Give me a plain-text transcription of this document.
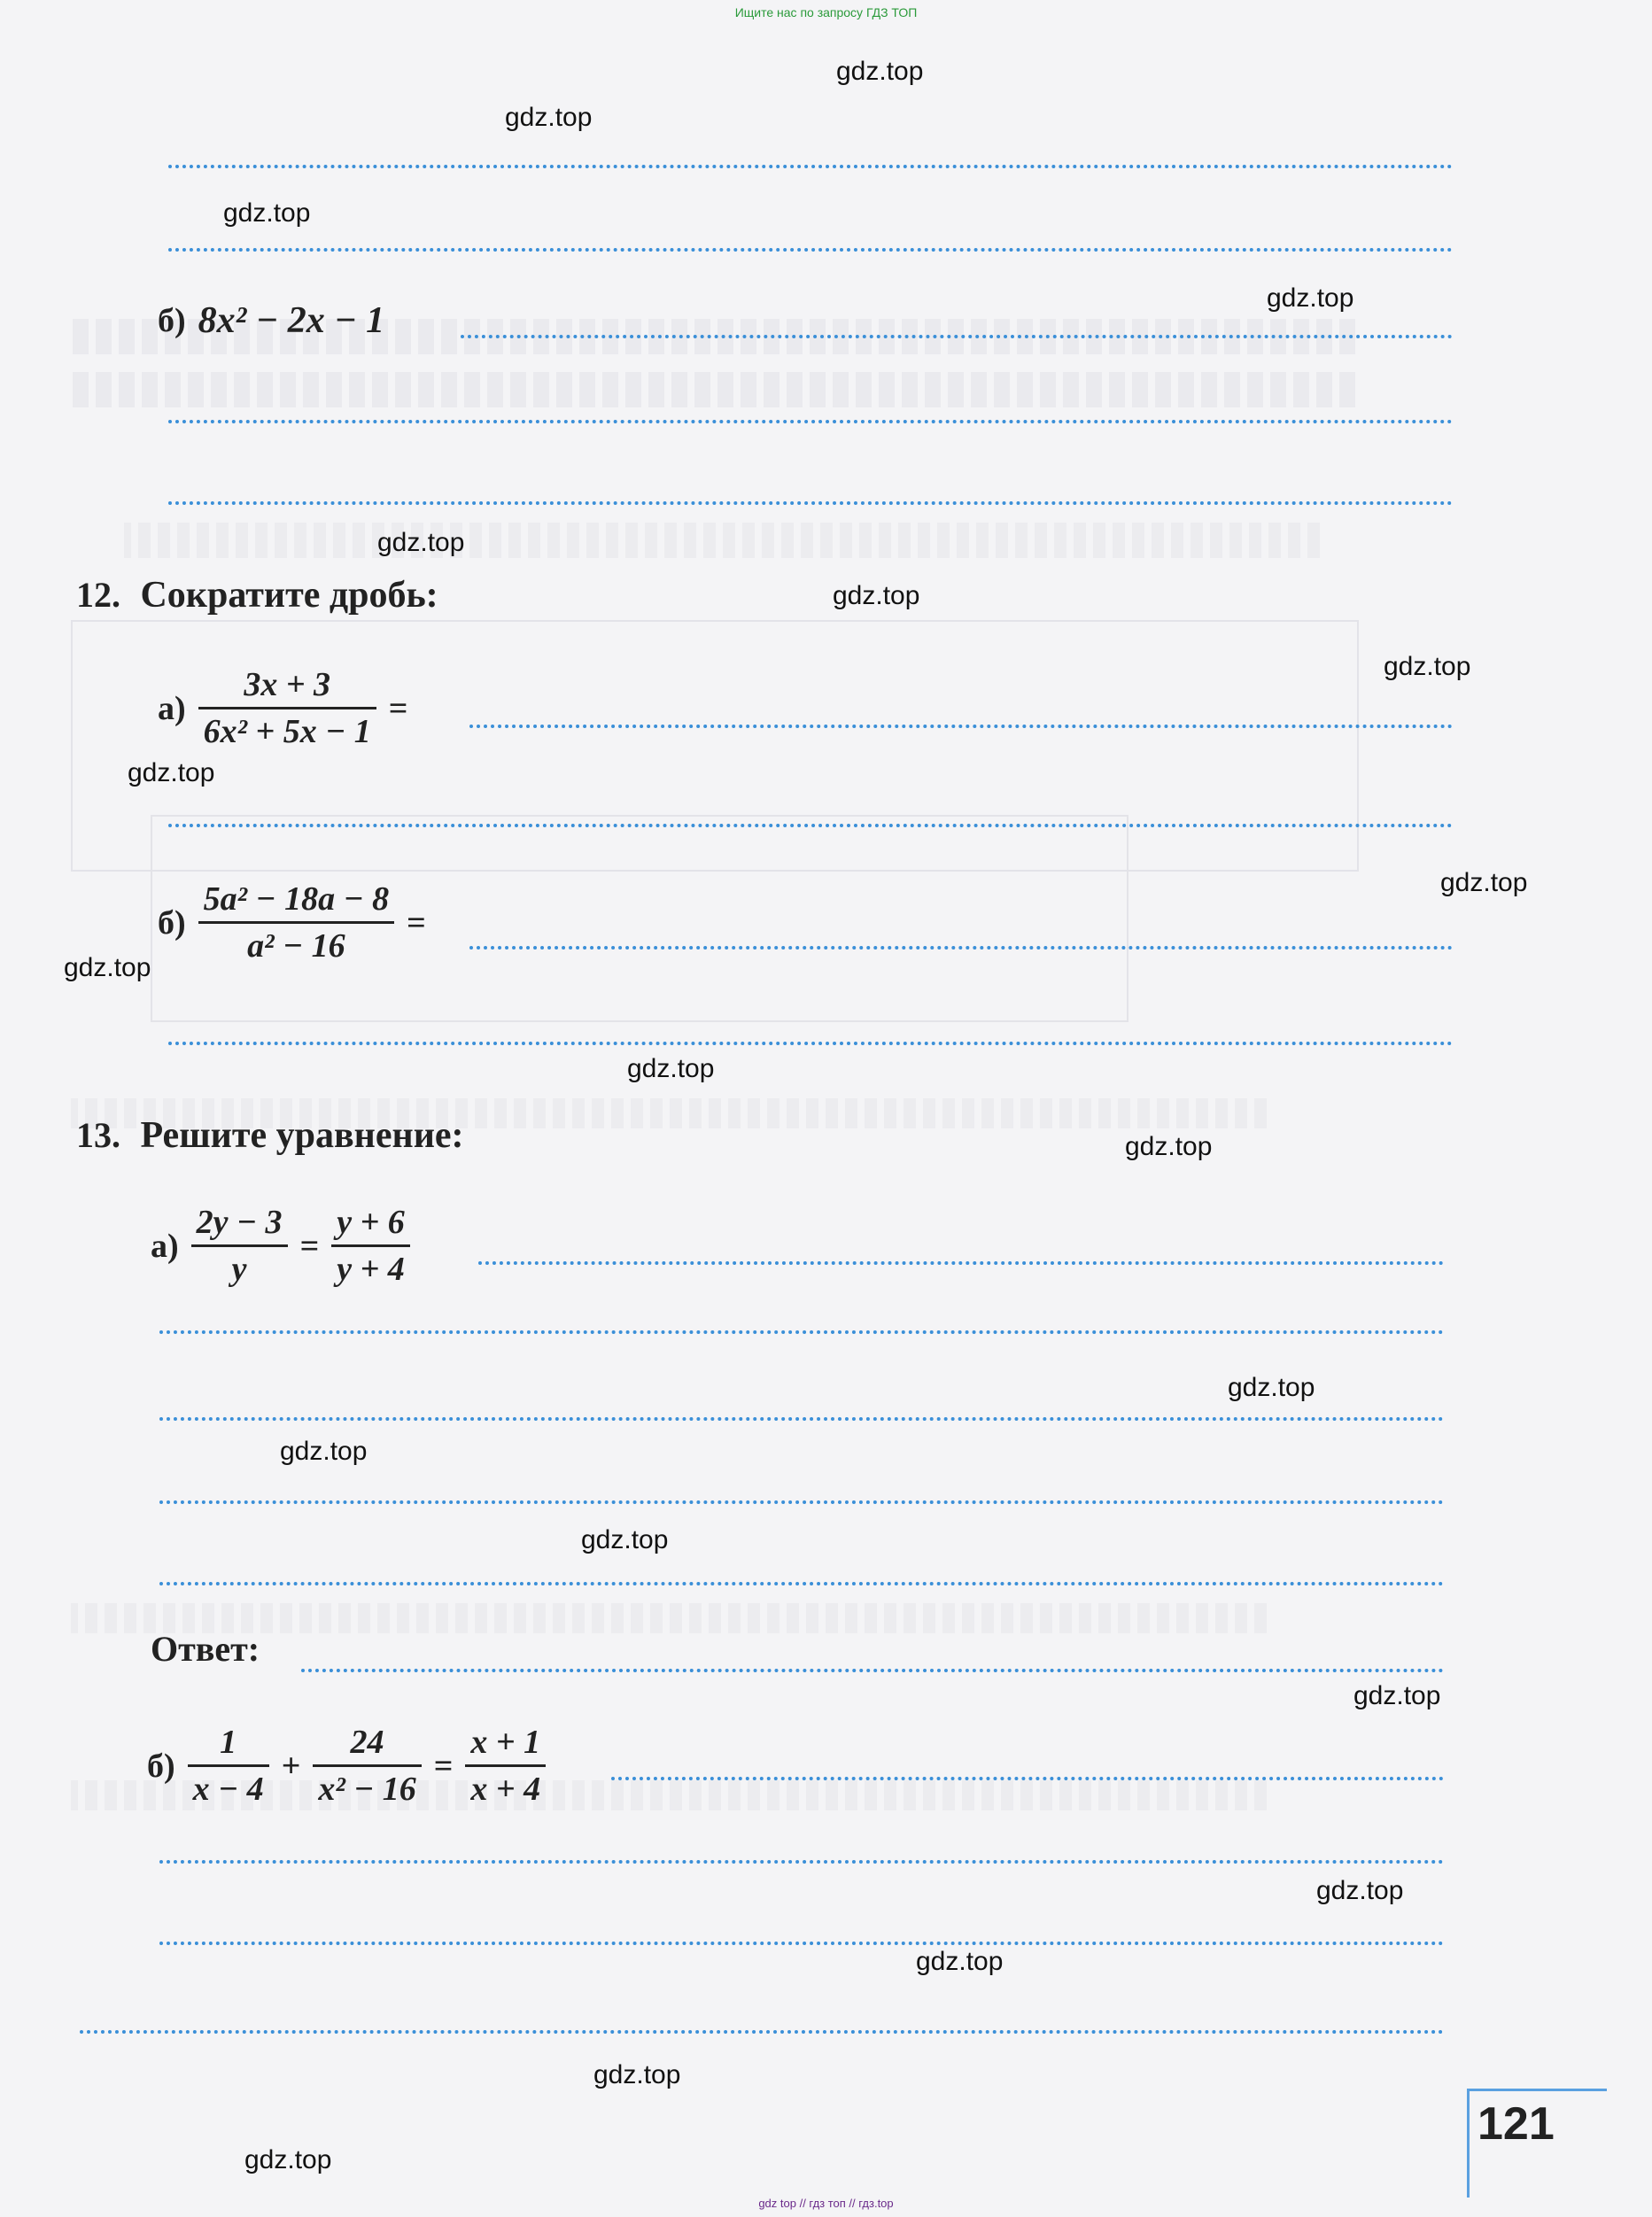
Ищите нас по запросу ГДЗ ТОП
gdz top // гдз топ // гдз.top
б) 8x² − 2x − 1
12. Сократите дробь:
$а) \frac{3x + 3}{\text{6x² + 5x − 1}}$ =
$б) \frac{\text{5a² − 18a − 8}}{\text{a² − 16}}$ =
13. Решите уравнение:
$а) \frac{2y - 3}{y} = \frac{y + 6}{y + 4}$
Ответ:
$б) \frac{1}{x - 4} + \frac{24}{\text{x² − 16}} = \frac{x + 1}{x + 4}$
121
gdz.top
gdz.top
gdz.top
gdz.top
gdz.top
gdz.top
gdz.top
gdz.top
gdz.top
gdz.top
gdz.top
gdz.top
gdz.top
gdz.top
gdz.top
gdz.top
gdz.top
gdz.top
gdz.top
gdz.top
